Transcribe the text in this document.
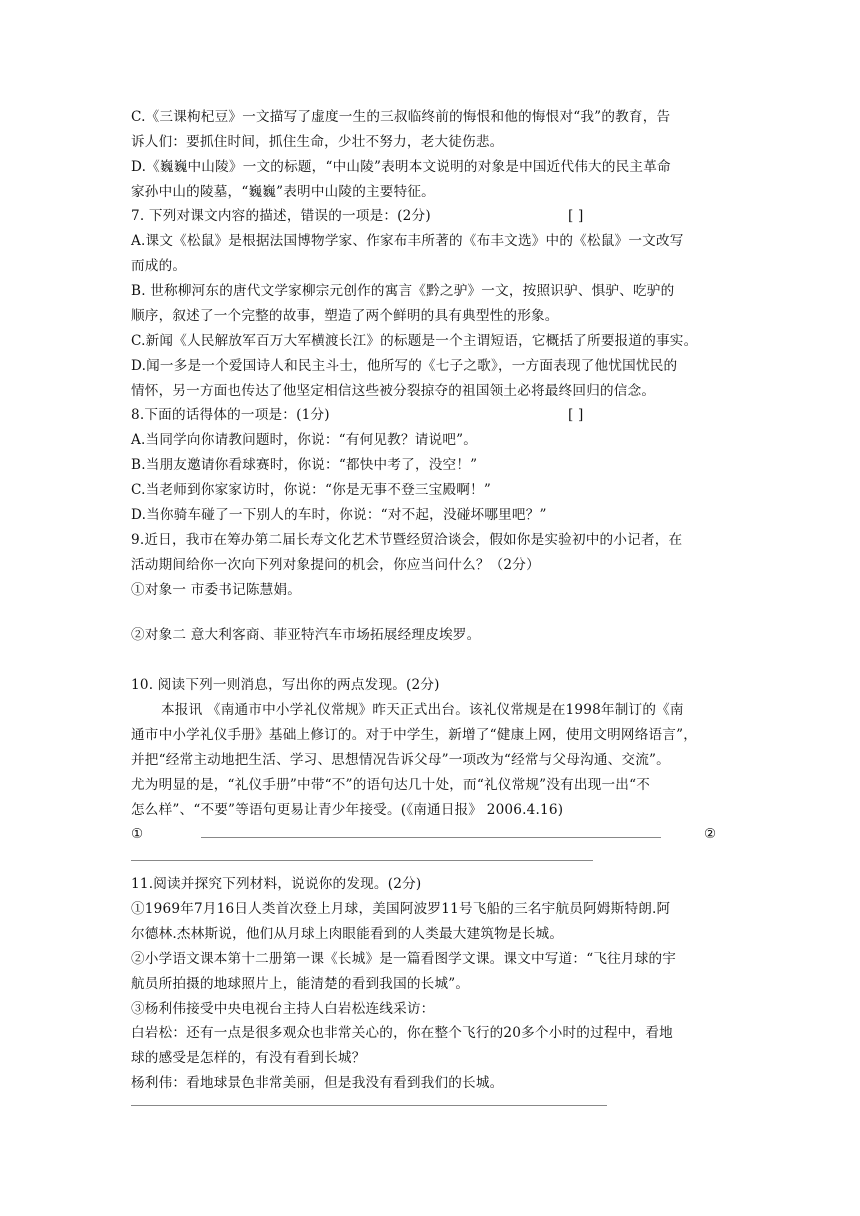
C.《三课枸杞豆》一文描写了虚度一生的三叔临终前的悔恨和他的悔恨对“我”的教育，告
诉人们：要抓住时间，抓住生命，少壮不努力，老大徒伤悲。
D.《巍巍中山陵》一文的标题，“中山陵”表明本文说明的对象是中国近代伟大的民主革命
家孙中山的陵墓，“巍巍”表明中山陵的主要特征。
7. 下列对课文内容的描述，错误的一项是：(2分)	[ ]
A.课文《松鼠》是根据法国博物学家、作家布丰所著的《布丰文选》中的《松鼠》一文改写
而成的。
B. 世称柳河东的唐代文学家柳宗元创作的寓言《黔之驴》一文，按照识驴、惧驴、吃驴的
顺序，叙述了一个完整的故事，塑造了两个鲜明的具有典型性的形象。
C.新闻《人民解放军百万大军横渡长江》的标题是一个主谓短语，它概括了所要报道的事实。
D.闻一多是一个爱国诗人和民主斗士，他所写的《七子之歌》，一方面表现了他忧国忧民的
情怀，另一方面也传达了他坚定相信这些被分裂掠夺的祖国领土必将最终回归的信念。
8.下面的话得体的一项是：(1分)	[ ]
A.当同学向你请教问题时，你说：“有何见教？请说吧”。
B.当朋友邀请你看球赛时，你说：“都快中考了，没空！”
C.当老师到你家家访时，你说：“你是无事不登三宝殿啊！”
D.当你骑车碰了一下别人的车时，你说：“对不起，没碰坏哪里吧？”
9.近日，我市在筹办第二届长寿文化艺术节暨经贸洽谈会，假如你是实验初中的小记者，在
活动期间给你一次向下列对象提问的机会，你应当问什么？（2分）
①对象一 市委书记陈慧娟。
②对象二 意大利客商、菲亚特汽车市场拓展经理皮埃罗。
10. 阅读下列一则消息，写出你的两点发现。(2分)
本报讯 《南通市中小学礼仪常规》昨天正式出台。该礼仪常规是在1998年制订的《南
通市中小学礼仪手册》基础上修订的。对于中学生，新增了“健康上网，使用文明网络语言”，
并把“经常主动地把生活、学习、思想情况告诉父母”一项改为“经常与父母沟通、交流”。
尤为明显的是，“礼仪手册”中带“不”的语句达几十处，而“礼仪常规”没有出现一出“不
怎么样”、“不要”等语句更易让青少年接受。(《南通日报》 2006.4.16)
①	②
11.阅读并探究下列材料，说说你的发现。(2分)
①1969年7月16日人类首次登上月球，美国阿波罗11号飞船的三名宇航员阿姆斯特朗.阿
尔德林.杰林斯说，他们从月球上肉眼能看到的人类最大建筑物是长城。
②小学语文课本第十二册第一课《长城》是一篇看图学文课。课文中写道：“飞往月球的宇
航员所拍摄的地球照片上，能清楚的看到我国的长城”。
③杨利伟接受中央电视台主持人白岩松连线采访：
白岩松：还有一点是很多观众也非常关心的，你在整个飞行的20多个小时的过程中，看地
球的感受是怎样的，有没有看到长城？
杨利伟：看地球景色非常美丽，但是我没有看到我们的长城。
